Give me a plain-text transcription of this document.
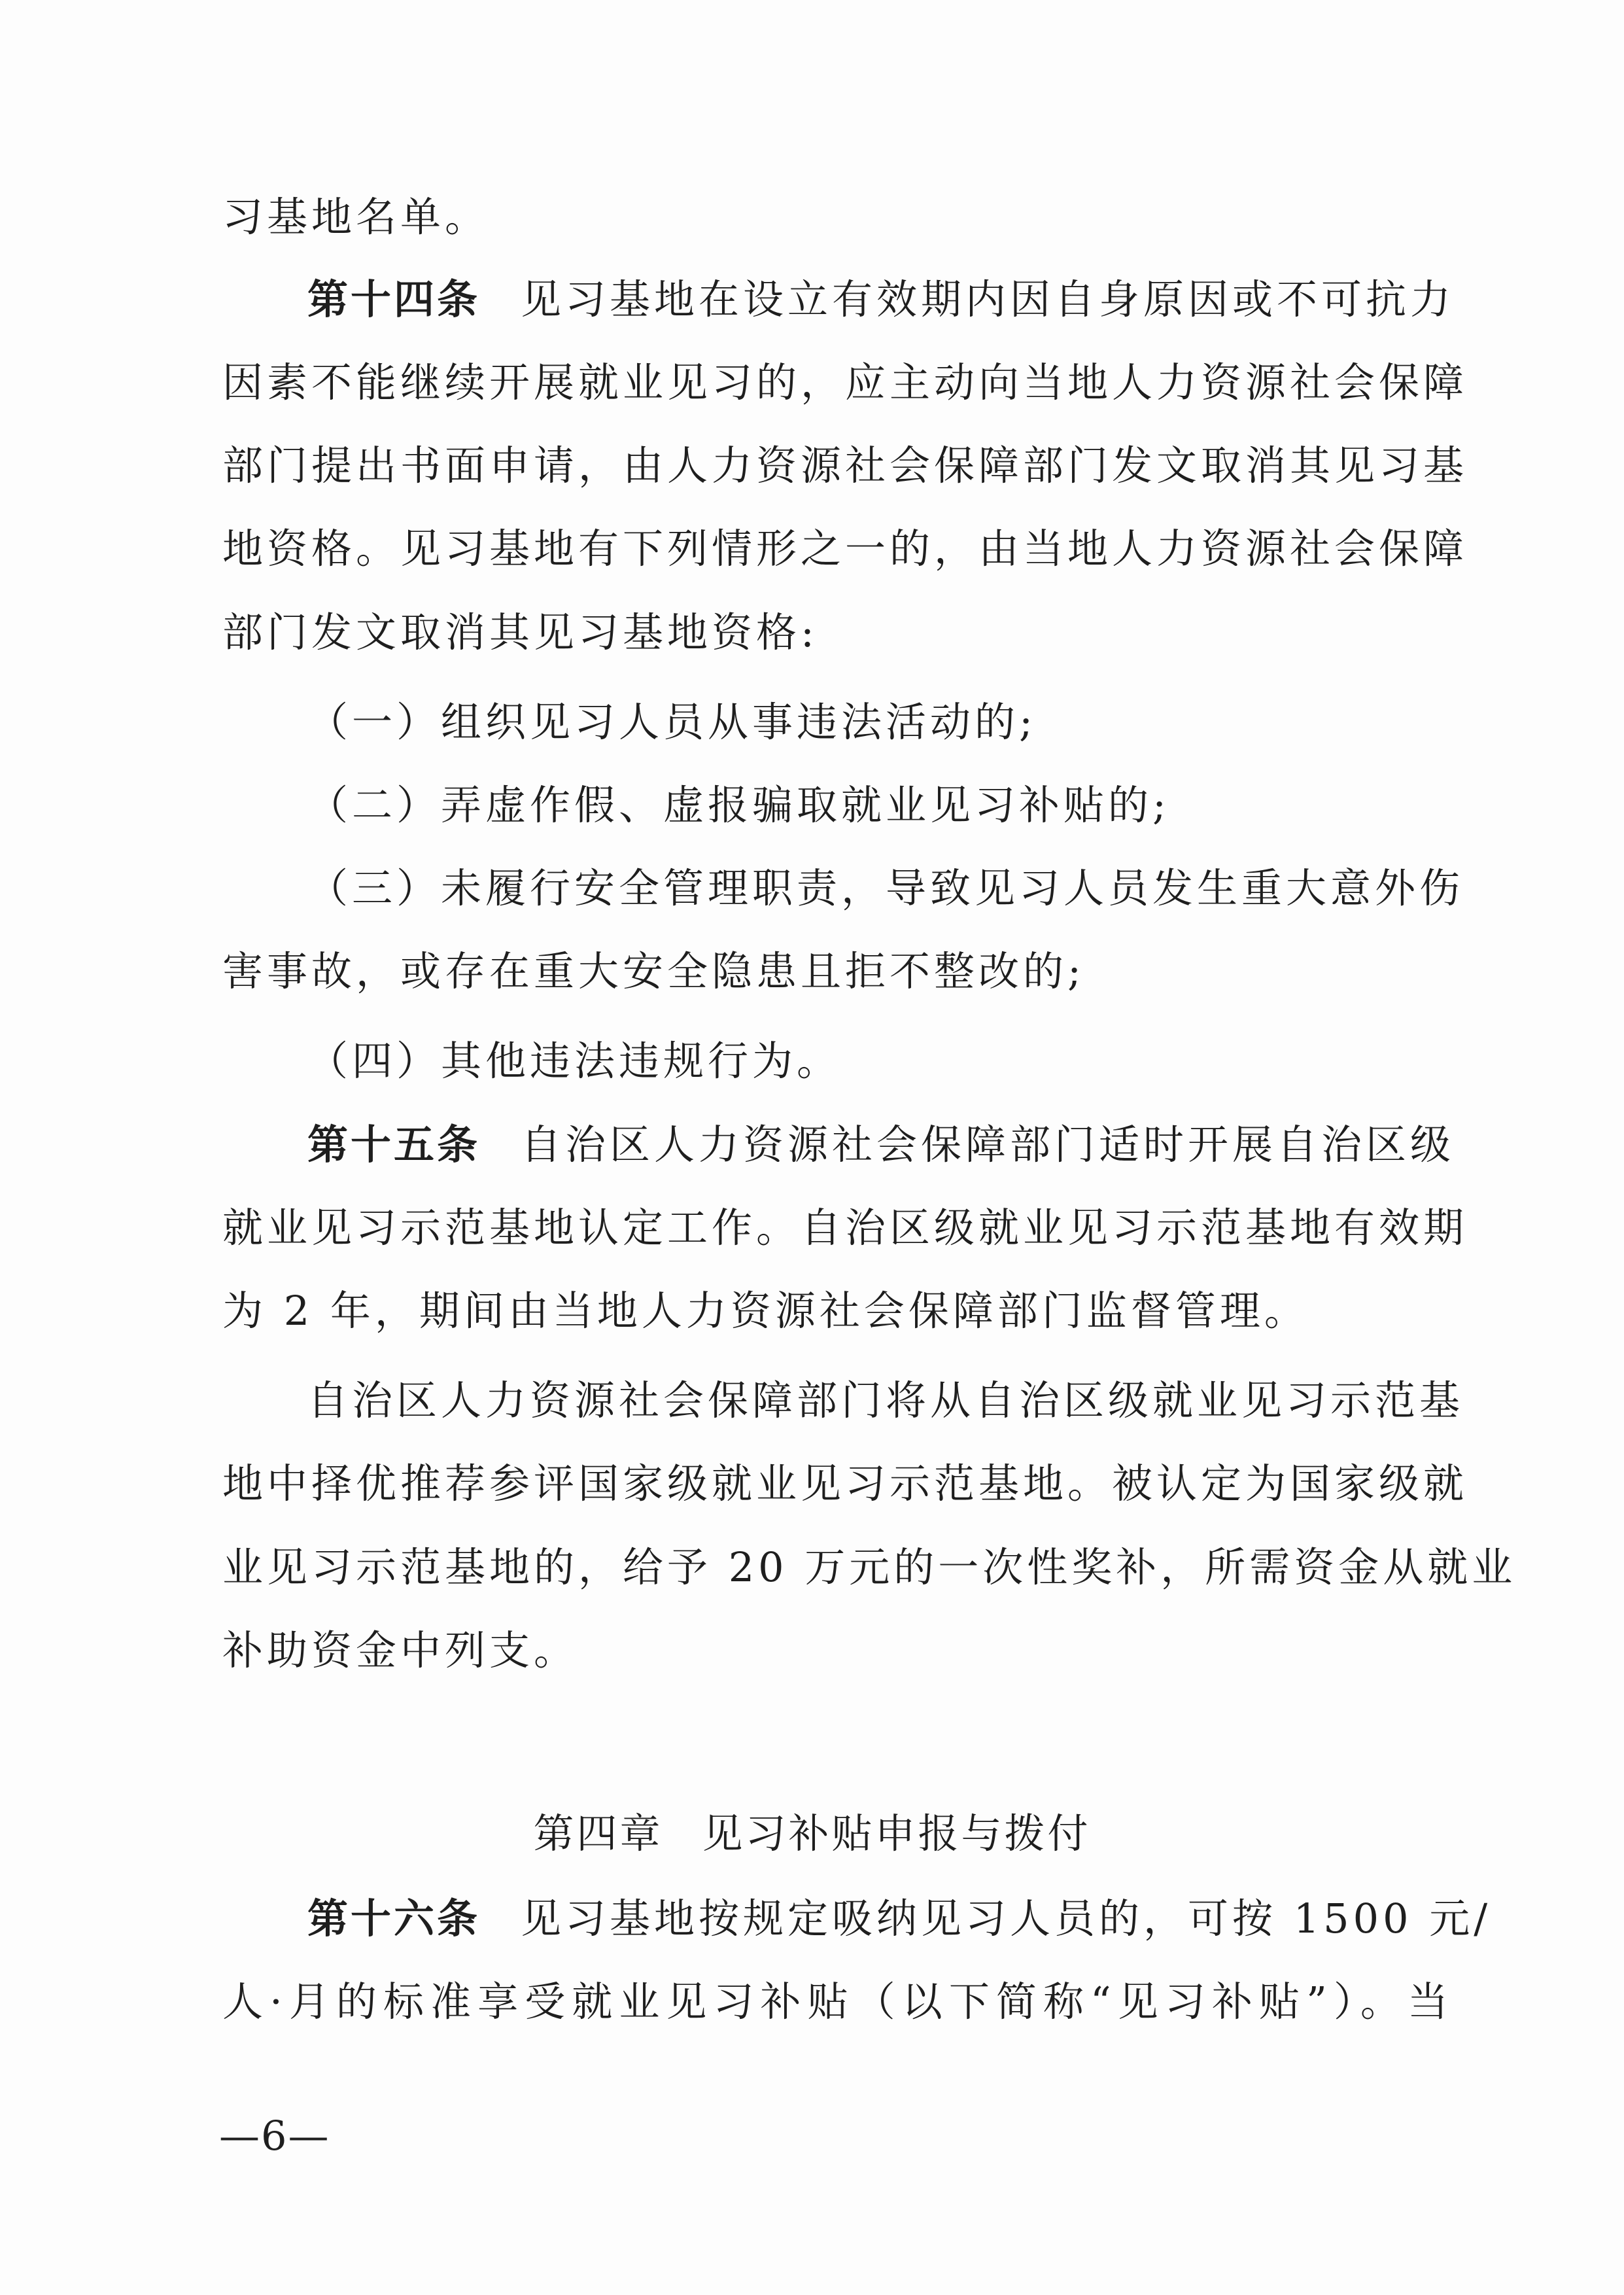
习基地名单。
第十四条 见习基地在设立有效期内因自身原因或不可抗力
因素不能继续开展就业见习的，应主动向当地人力资源社会保障
部门提出书面申请，由人力资源社会保障部门发文取消其见习基
地资格。见习基地有下列情形之一的，由当地人力资源社会保障
部门发文取消其见习基地资格:
（一）组织见习人员从事违法活动的;
（二）弄虚作假、虚报骗取就业见习补贴的;
（三）未履行安全管理职责，导致见习人员发生重大意外伤
害事故，或存在重大安全隐患且拒不整改的;
（四）其他违法违规行为。
第十五条 自治区人力资源社会保障部门适时开展自治区级
就业见习示范基地认定工作。自治区级就业见习示范基地有效期
为 2 年，期间由当地人力资源社会保障部门监督管理。
自治区人力资源社会保障部门将从自治区级就业见习示范基
地中择优推荐参评国家级就业见习示范基地。被认定为国家级就
业见习示范基地的，给予 20 万元的一次性奖补，所需资金从就业
补助资金中列支。
第四章 见习补贴申报与拨付
第十六条 见习基地按规定吸纳见习人员的，可按 1500 元/
人·月的标准享受就业见习补贴（以下简称“见习补贴”）。当
—6—
